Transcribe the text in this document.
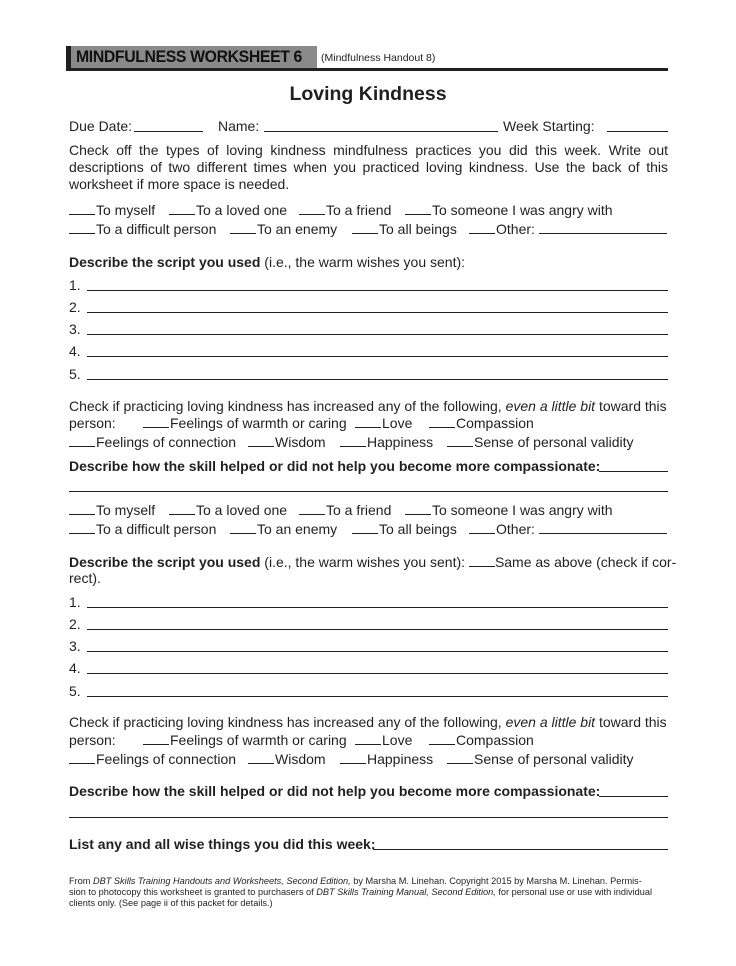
MINDFULNESS WORKSHEET 6 (Mindfulness Handout 8)
Loving Kindness
Due Date:	Name:	Week Starting:
Check off the types of loving kindness mindfulness practices you did this week. Write out descriptions of two different times when you practiced loving kindness. Use the back of this worksheet if more space is needed.
To myself	To a loved one	To a friend	To someone I was angry with
To a difficult person	To an enemy	To all beings	Other:
Describe the script you used (i.e., the warm wishes you sent):
1.
2.
3.
4.
5.
Check if practicing loving kindness has increased any of the following, even a little bit toward this
person:	Feelings of warmth or caring	Love	Compassion
Feelings of connection	Wisdom	Happiness	Sense of personal validity
Describe how the skill helped or did not help you become more compassionate:
To myself	To a loved one	To a friend	To someone I was angry with
To a difficult person	To an enemy	To all beings	Other:
Describe the script you used (i.e., the warm wishes you sent): Same as above (check if cor-
rect).
1.
2.
3.
4.
5.
Check if practicing loving kindness has increased any of the following, even a little bit toward this
person:	Feelings of warmth or caring	Love	Compassion
Feelings of connection	Wisdom	Happiness	Sense of personal validity
Describe how the skill helped or did not help you become more compassionate:
List any and all wise things you did this week:
From DBT Skills Training Handouts and Worksheets, Second Edition, by Marsha M. Linehan. Copyright 2015 by Marsha M. Linehan. Permis-
sion to photocopy this worksheet is granted to purchasers of DBT Skills Training Manual, Second Edition, for personal use or use with individual
clients only. (See page ii of this packet for details.)
